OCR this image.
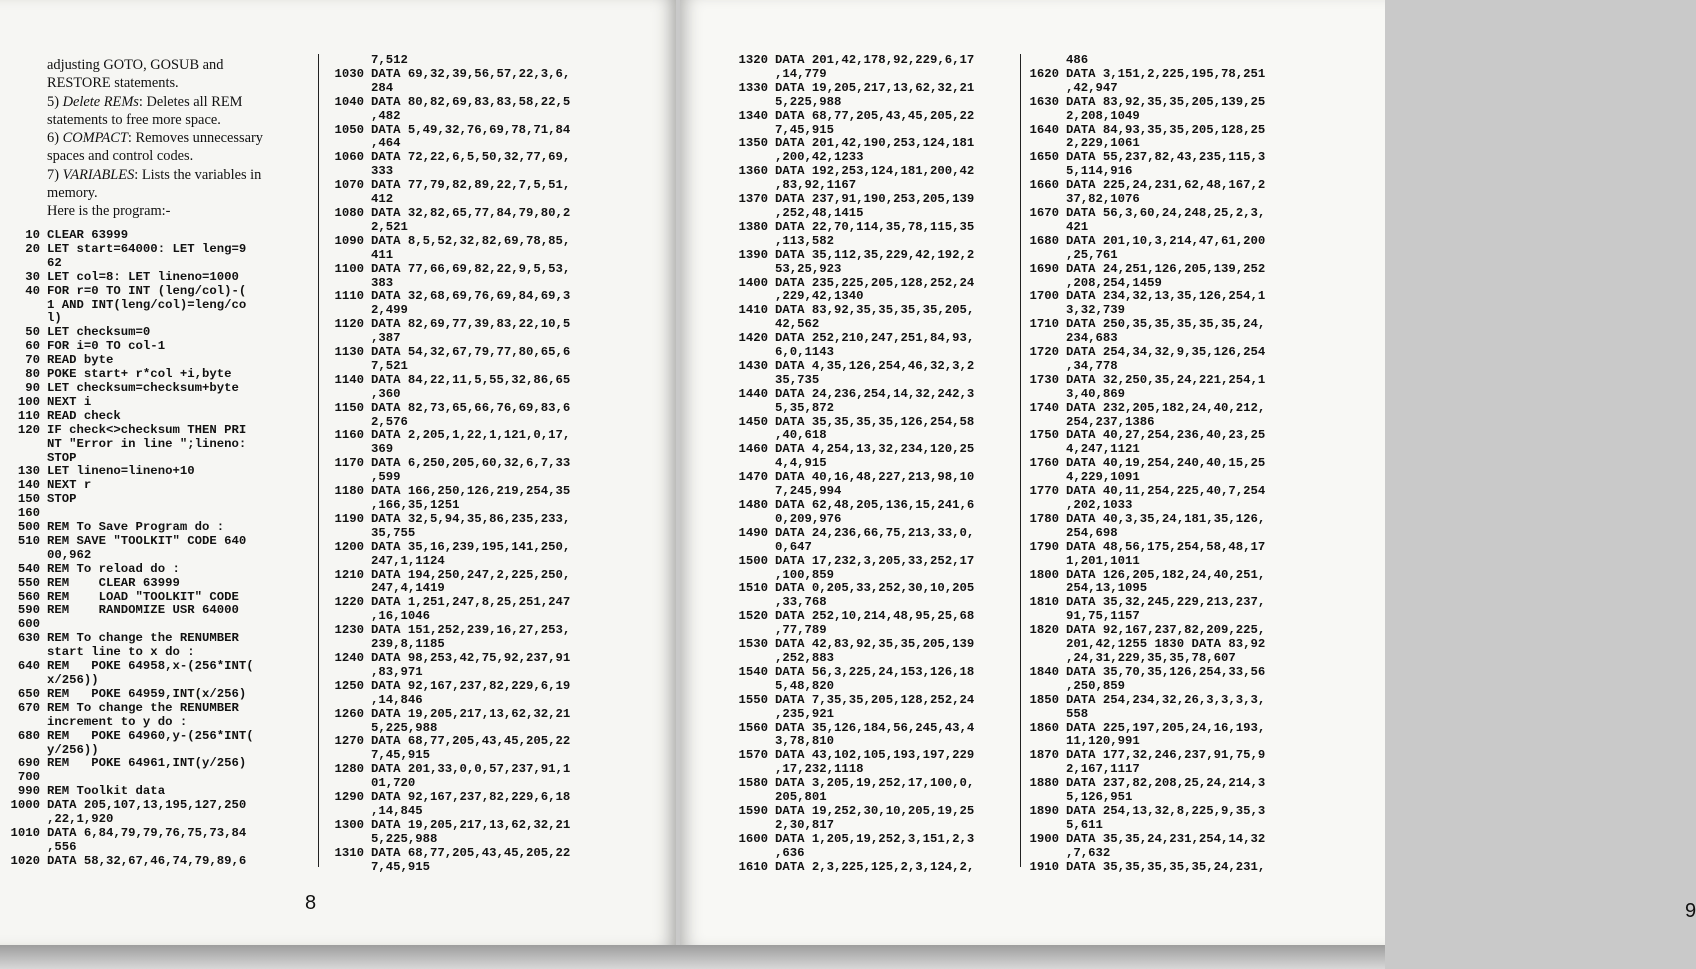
adjusting GOTO, GOSUB and

RESTORE statements.

5) Delete REMs: Deletes all REM

statements to free more space.

6) COMPACT: Removes unnecessary

spaces and control codes.

7) VARIABLES: Lists the variables in

memory.

Here is the program:-

10 CLEAR 63999
20 LET start=64000: LET leng=9
62
30 LET col=8: LET lineno=1000
40 FOR r=0 TO INT (leng/col)-(
1 AND INT(leng/col)=leng/co
l)
50 LET checksum=0
60 FOR i=0 TO col-1
70 READ byte
80 POKE start+ r*col +i,byte
90 LET checksum=checksum+byte
100 NEXT i
110 READ check
120 IF check<>checksum THEN PRI
NT "Error in line ";lineno:
STOP
130 LET lineno=lineno+10
140 NEXT r
150 STOP
160
500 REM To Save Program do :
510 REM SAVE "TOOLKIT" CODE 640
00,962
540 REM To reload do :
550 REM    CLEAR 63999
560 REM    LOAD "TOOLKIT" CODE
590 REM    RANDOMIZE USR 64000
600
630 REM To change the RENUMBER
start line to x do :
640 REM   POKE 64958,x-(256*INT(
x/256))
650 REM   POKE 64959,INT(x/256)
670 REM To change the RENUMBER
increment to y do :
680 REM   POKE 64960,y-(256*INT(
y/256))
690 REM   POKE 64961,INT(y/256)
700
990 REM Toolkit data
1000 DATA 205,107,13,195,127,250
,22,1,920
1010 DATA 6,84,79,79,76,75,73,84
,556
1020 DATA 58,32,67,46,74,79,89,6
7,512
1030 DATA 69,32,39,56,57,22,3,6,
284
1040 DATA 80,82,69,83,83,58,22,5
,482
1050 DATA 5,49,32,76,69,78,71,84
,464
1060 DATA 72,22,6,5,50,32,77,69,
333
1070 DATA 77,79,82,89,22,7,5,51,
412
1080 DATA 32,82,65,77,84,79,80,2
2,521
1090 DATA 8,5,52,32,82,69,78,85,
411
1100 DATA 77,66,69,82,22,9,5,53,
383
1110 DATA 32,68,69,76,69,84,69,3
2,499
1120 DATA 82,69,77,39,83,22,10,5
,387
1130 DATA 54,32,67,79,77,80,65,6
7,521
1140 DATA 84,22,11,5,55,32,86,65
,360
1150 DATA 82,73,65,66,76,69,83,6
2,576
1160 DATA 2,205,1,22,1,121,0,17,
369
1170 DATA 6,250,205,60,32,6,7,33
,599
1180 DATA 166,250,126,219,254,35
,166,35,1251
1190 DATA 32,5,94,35,86,235,233,
35,755
1200 DATA 35,16,239,195,141,250,
247,1,1124
1210 DATA 194,250,247,2,225,250,
247,4,1419
1220 DATA 1,251,247,8,25,251,247
,16,1046
1230 DATA 151,252,239,16,27,253,
239,8,1185
1240 DATA 98,253,42,75,92,237,91
,83,971
1250 DATA 92,167,237,82,229,6,19
,14,846
1260 DATA 19,205,217,13,62,32,21
5,225,988
1270 DATA 68,77,205,43,45,205,22
7,45,915
1280 DATA 201,33,0,0,57,237,91,1
01,720
1290 DATA 92,167,237,82,229,6,18
,14,845
1300 DATA 19,205,217,13,62,32,21
5,225,988
1310 DATA 68,77,205,43,45,205,22
7,45,915
8
1320 DATA 201,42,178,92,229,6,17
,14,779
1330 DATA 19,205,217,13,62,32,21
5,225,988
1340 DATA 68,77,205,43,45,205,22
7,45,915
1350 DATA 201,42,190,253,124,181
,200,42,1233
1360 DATA 192,253,124,181,200,42
,83,92,1167
1370 DATA 237,91,190,253,205,139
,252,48,1415
1380 DATA 22,70,114,35,78,115,35
,113,582
1390 DATA 35,112,35,229,42,192,2
53,25,923
1400 DATA 235,225,205,128,252,24
,229,42,1340
1410 DATA 83,92,35,35,35,35,205,
42,562
1420 DATA 252,210,247,251,84,93,
6,0,1143
1430 DATA 4,35,126,254,46,32,3,2
35,735
1440 DATA 24,236,254,14,32,242,3
5,35,872
1450 DATA 35,35,35,35,126,254,58
,40,618
1460 DATA 4,254,13,32,234,120,25
4,4,915
1470 DATA 40,16,48,227,213,98,10
7,245,994
1480 DATA 62,48,205,136,15,241,6
0,209,976
1490 DATA 24,236,66,75,213,33,0,
0,647
1500 DATA 17,232,3,205,33,252,17
,100,859
1510 DATA 0,205,33,252,30,10,205
,33,768
1520 DATA 252,10,214,48,95,25,68
,77,789
1530 DATA 42,83,92,35,35,205,139
,252,883
1540 DATA 56,3,225,24,153,126,18
5,48,820
1550 DATA 7,35,35,205,128,252,24
,235,921
1560 DATA 35,126,184,56,245,43,4
3,78,810
1570 DATA 43,102,105,193,197,229
,17,232,1118
1580 DATA 3,205,19,252,17,100,0,
205,801
1590 DATA 19,252,30,10,205,19,25
2,30,817
1600 DATA 1,205,19,252,3,151,2,3
,636
1610 DATA 2,3,225,125,2,3,124,2,
486
1620 DATA 3,151,2,225,195,78,251
,42,947
1630 DATA 83,92,35,35,205,139,25
2,208,1049
1640 DATA 84,93,35,35,205,128,25
2,229,1061
1650 DATA 55,237,82,43,235,115,3
5,114,916
1660 DATA 225,24,231,62,48,167,2
37,82,1076
1670 DATA 56,3,60,24,248,25,2,3,
421
1680 DATA 201,10,3,214,47,61,200
,25,761
1690 DATA 24,251,126,205,139,252
,208,254,1459
1700 DATA 234,32,13,35,126,254,1
3,32,739
1710 DATA 250,35,35,35,35,35,24,
234,683
1720 DATA 254,34,32,9,35,126,254
,34,778
1730 DATA 32,250,35,24,221,254,1
3,40,869
1740 DATA 232,205,182,24,40,212,
254,237,1386
1750 DATA 40,27,254,236,40,23,25
4,247,1121
1760 DATA 40,19,254,240,40,15,25
4,229,1091
1770 DATA 40,11,254,225,40,7,254
,202,1033
1780 DATA 40,3,35,24,181,35,126,
254,698
1790 DATA 48,56,175,254,58,48,17
1,201,1011
1800 DATA 126,205,182,24,40,251,
254,13,1095
1810 DATA 35,32,245,229,213,237,
91,75,1157
1820 DATA 92,167,237,82,209,225,
201,42,1255 1830 DATA 83,92
,24,31,229,35,35,78,607
1840 DATA 35,70,35,126,254,33,56
,250,859
1850 DATA 254,234,32,26,3,3,3,3,
558
1860 DATA 225,197,205,24,16,193,
11,120,991
1870 DATA 177,32,246,237,91,75,9
2,167,1117
1880 DATA 237,82,208,25,24,214,3
5,126,951
1890 DATA 254,13,32,8,225,9,35,3
5,611
1900 DATA 35,35,24,231,254,14,32
,7,632
1910 DATA 35,35,35,35,35,24,231,
9
